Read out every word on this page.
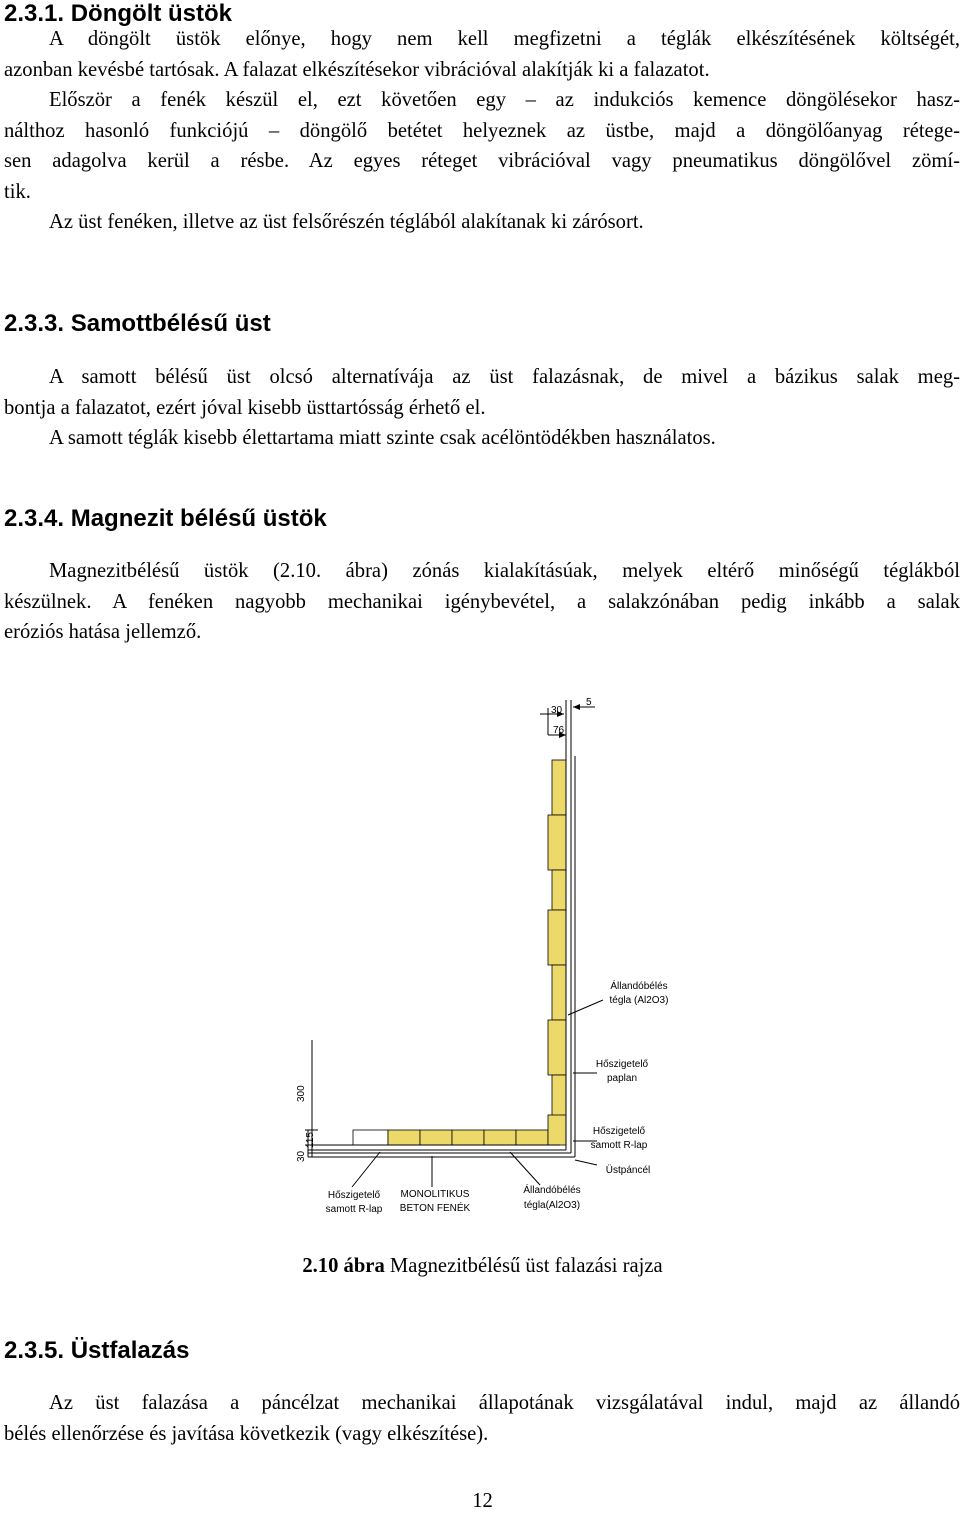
2.3.1. Döngölt üstök
A döngölt üstök előnye, hogy nem kell megfizetni a téglák elkészítésének költségét,
azonban kevésbé tartósak. A falazat elkészítésekor vibrációval alakítják ki a falazatot.
Először a fenék készül el, ezt követően egy – az indukciós kemence döngölésekor hasz-
nálthoz hasonló funkciójú – döngölő betétet helyeznek az üstbe, majd a döngölőanyag rétege-
sen adagolva kerül a résbe. Az egyes réteget vibrációval vagy pneumatikus döngölővel zömí-
tik.
Az üst fenéken, illetve az üst felsőrészén téglából alakítanak ki zárósort.
2.3.3. Samottbélésű üst
A samott bélésű üst olcsó alternatívája az üst falazásnak, de mivel a bázikus salak meg-
bontja a falazatot, ezért jóval kisebb üsttartósság érhető el.
A samott téglák kisebb élettartama miatt szinte csak acélöntödékben használatos.
2.3.4. Magnezit bélésű üstök
Magnezitbélésű üstök (2.10. ábra) zónás kialakításúak, melyek eltérő minőségű téglákból
készülnek. A fenéken nagyobb mechanikai igénybevétel, a salakzónában pedig inkább a salak
eróziós hatása jellemző.
30
5
76
300
30
115
Állandóbélés
tégla (Al2O3)
Hőszigetelő
paplan
Hőszigetelő
samott R-lap
Üstpáncél
Hőszigetelő
samott R-lap
MONOLITIKUS
BETON FENÉK
Állandóbélés
tégla(Al2O3)

2.10 ábra Magnezitbélésű üst falazási rajza

2.3.5. Üstfalazás
Az üst falazása a páncélzat mechanikai állapotának vizsgálatával indul, majd az állandó
bélés ellenőrzése és javítása következik (vagy elkészítése).

12
